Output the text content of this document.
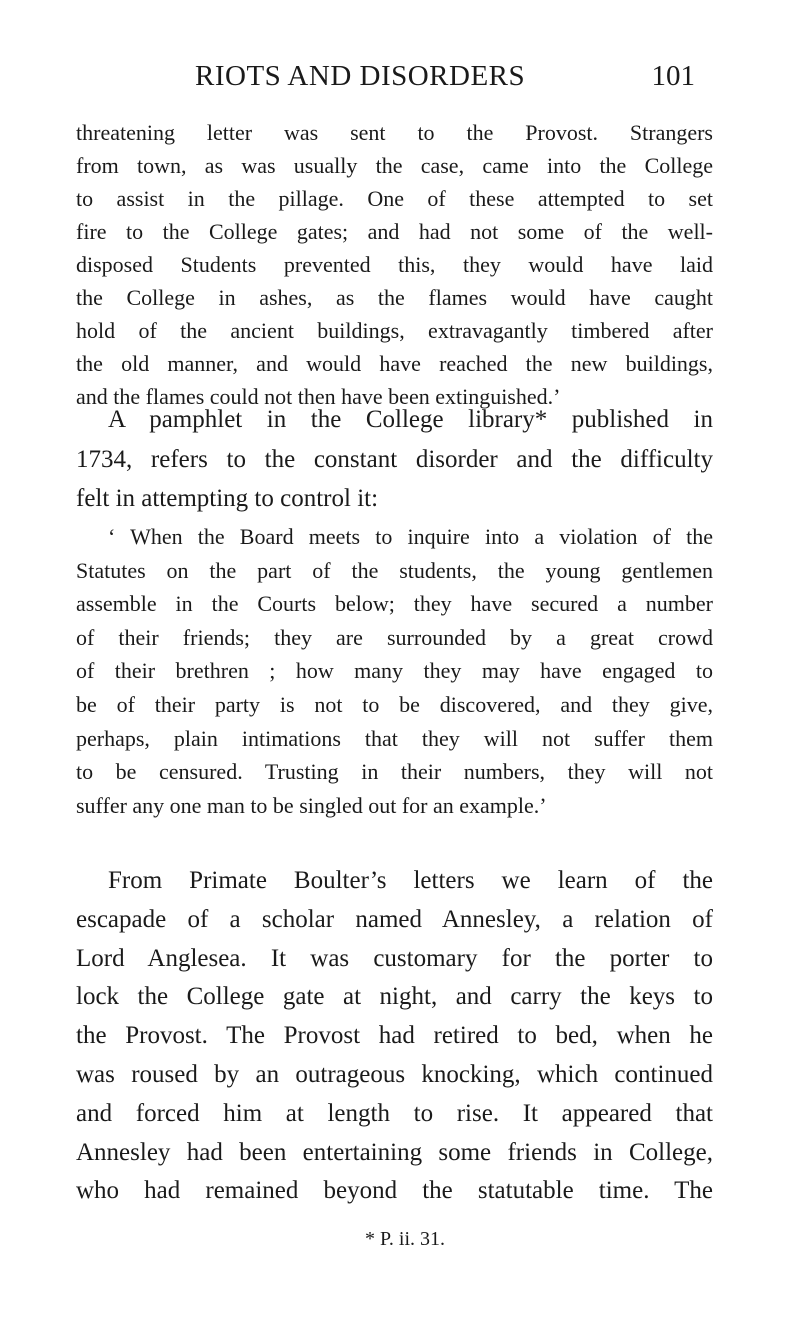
RIOTS AND DISORDERS	101
threatening letter was sent to the Provost. Strangers
from town, as was usually the case, came into the College
to assist in the pillage. One of these attempted to set
fire to the College gates; and had not some of the well-
disposed Students prevented this, they would have laid
the College in ashes, as the flames would have caught
hold of the ancient buildings, extravagantly timbered after
the old manner, and would have reached the new buildings,
and the flames could not then have been extinguished.’
A pamphlet in the College library* published in
1734, refers to the constant disorder and the difficulty
felt in attempting to control it:
‘ When the Board meets to inquire into a violation of the
Statutes on the part of the students, the young gentlemen
assemble in the Courts below; they have secured a number
of their friends; they are surrounded by a great crowd
of their brethren ; how many they may have engaged to
be of their party is not to be discovered, and they give,
perhaps, plain intimations that they will not suffer them
to be censured. Trusting in their numbers, they will not
suffer any one man to be singled out for an example.’
From Primate Boulter’s letters we learn of the
escapade of a scholar named Annesley, a relation of
Lord Anglesea. It was customary for the porter to
lock the College gate at night, and carry the keys to
the Provost. The Provost had retired to bed, when he
was roused by an outrageous knocking, which continued
and forced him at length to rise. It appeared that
Annesley had been entertaining some friends in College,
who had remained beyond the statutable time. The
* P. ii. 31.
